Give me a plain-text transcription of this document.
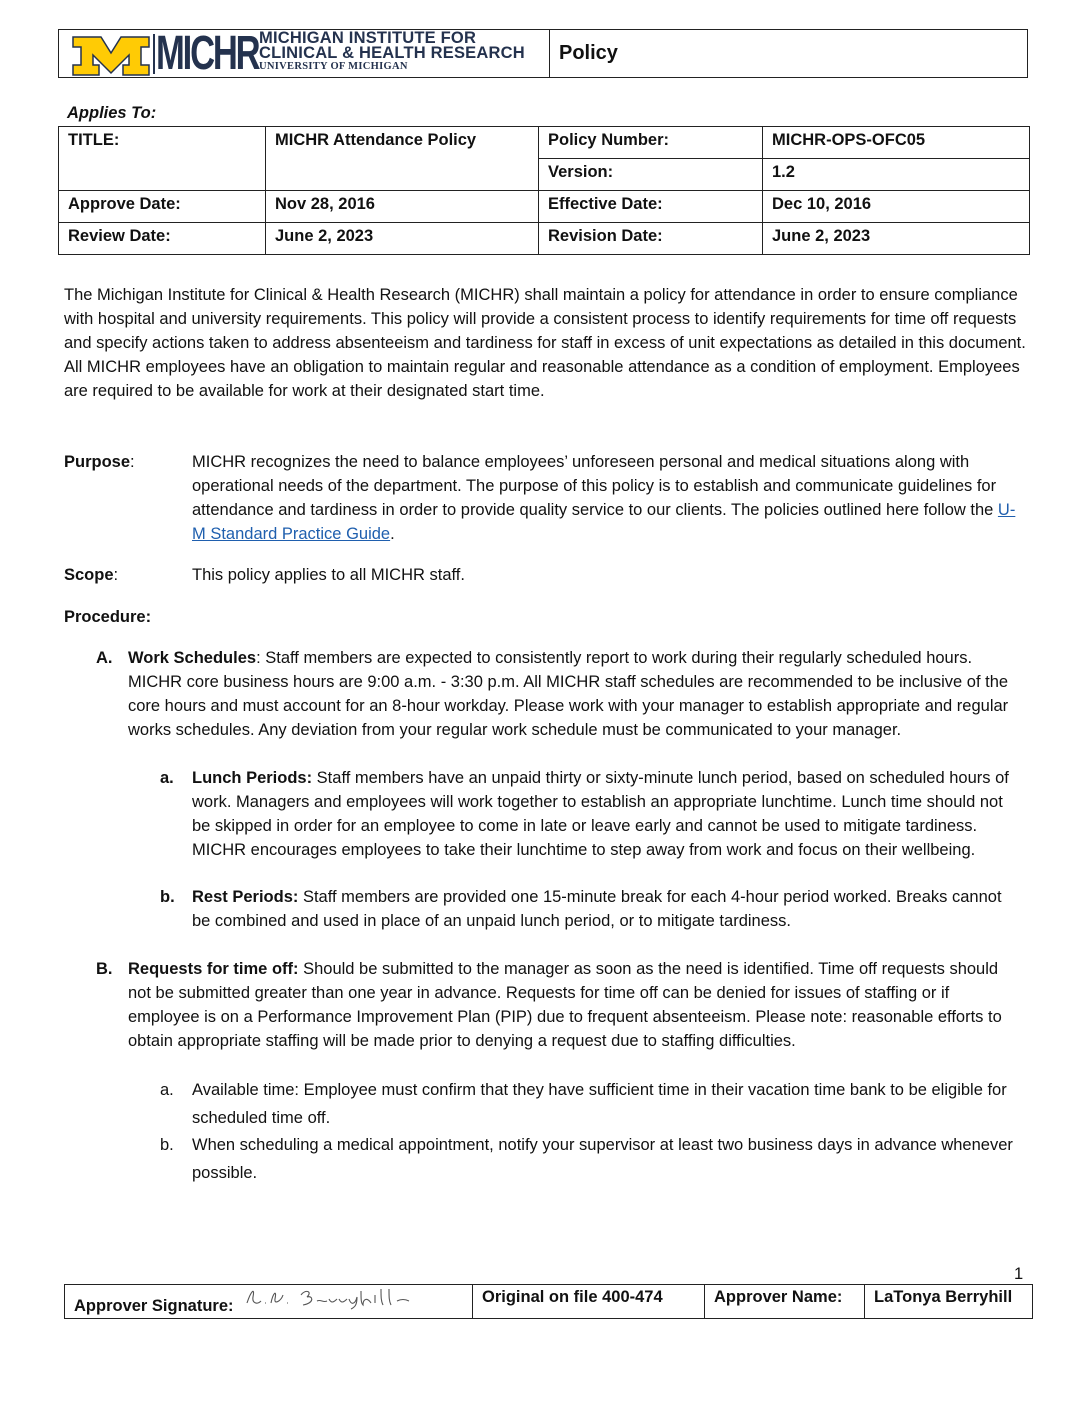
MICHR MICHIGAN INSTITUTE FOR
CLINICAL & HEALTH RESEARCH
UNIVERSITY OF MICHIGAN
Policy
Applies To:
TITLE:	MICHR Attendance Policy	Policy Number:	MICHR-OPS-OFC05
		Version:	1.2
Approve Date:	Nov 28, 2016	Effective Date:	Dec 10, 2016
Review Date:	June 2, 2023	Revision Date:	June 2, 2023
The Michigan Institute for Clinical & Health Research (MICHR) shall maintain a policy for attendance in order to ensure compliance with hospital and university requirements. This policy will provide a consistent process to identify requirements for time off requests and specify actions taken to address absenteeism and tardiness for staff in excess of unit expectations as detailed in this document. All MICHR employees have an obligation to maintain regular and reasonable attendance as a condition of employment. Employees are required to be available for work at their designated start time.
Purpose:	MICHR recognizes the need to balance employees’ unforeseen personal and medical situations along with operational needs of the department. The purpose of this policy is to establish and communicate guidelines for attendance and tardiness in order to provide quality service to our clients. The policies outlined here follow the U-M Standard Practice Guide.
Scope:	This policy applies to all MICHR staff.
Procedure:
A. Work Schedules: Staff members are expected to consistently report to work during their regularly scheduled hours. MICHR core business hours are 9:00 a.m. - 3:30 p.m. All MICHR staff schedules are recommended to be inclusive of the core hours and must account for an 8-hour workday. Please work with your manager to establish appropriate and regular works schedules. Any deviation from your regular work schedule must be communicated to your manager.
a. Lunch Periods: Staff members have an unpaid thirty or sixty-minute lunch period, based on scheduled hours of work. Managers and employees will work together to establish an appropriate lunchtime. Lunch time should not be skipped in order for an employee to come in late or leave early and cannot be used to mitigate tardiness. MICHR encourages employees to take their lunchtime to step away from work and focus on their wellbeing.
b. Rest Periods: Staff members are provided one 15-minute break for each 4-hour period worked. Breaks cannot be combined and used in place of an unpaid lunch period, or to mitigate tardiness.
B. Requests for time off: Should be submitted to the manager as soon as the need is identified. Time off requests should not be submitted greater than one year in advance. Requests for time off can be denied for issues of staffing or if employee is on a Performance Improvement Plan (PIP) due to frequent absenteeism. Please note: reasonable efforts to obtain appropriate staffing will be made prior to denying a request due to staffing difficulties.
a. Available time: Employee must confirm that they have sufficient time in their vacation time bank to be eligible for scheduled time off.
b. When scheduling a medical appointment, notify your supervisor at least two business days in advance whenever possible.
1
Approver Signature:	Original on file 400-474	Approver Name:	LaTonya Berryhill
